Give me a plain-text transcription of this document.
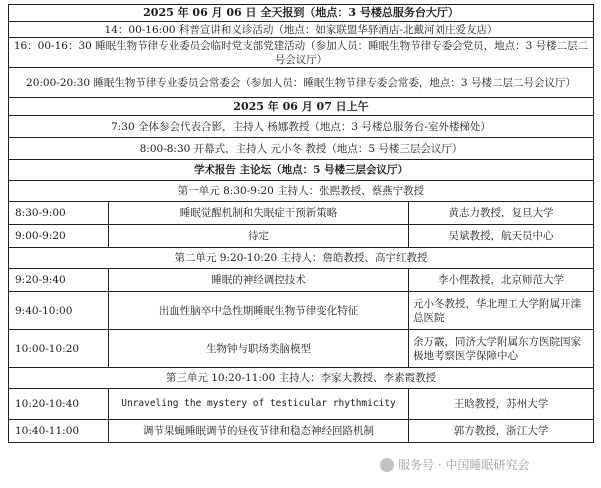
2025 年 06 月 06 日 全天报到（地点：3 号楼总服务台大厅）		
14：00-16:00 科普宣讲和义诊活动（地点：如家联盟华驿酒店-北戴河刘庄爱友店）		
16：00-16：30 睡眠生物节律专业委员会临时党支部党建活动（参加人员：睡眠生物节律专委会党员，地点：3 号楼二层二号会议厅）		
20:00-20:30 睡眠生物节律专业委员会常委会（参加人员：睡眠生物节律专委会常委，地点：3 号楼二层二号会议厅）		
2025 年 06 月 07 日上午		
7:30 全体参会代表合影，主持人 杨娜教授（地点：3 号楼总服务台-室外楼梯处）		
8:00-8:30 开幕式，主持人 元小冬 教授（地点：5 号楼三层会议厅）		
学术报告 主论坛（地点：5 号楼三层会议厅）		
第一单元 8:30-9:20 主持人：张熙教授、蔡燕宁教授		
8:30-9:00	睡眠觉醒机制和失眠症干预新策略	黄志力教授，复旦大学
9:00-9:20	待定	吴斌教授，航天员中心
第二单元 9:20-10:20 主持人：詹皓教授、高宇红教授		
9:20-9:40	睡眠的神经调控技术	李小俚教授，北京师范大学
9:40-10:00	出血性脑卒中急性期睡眠生物节律变化特征	元小冬教授，华北理工大学附属开滦总医院
10:00-10:20	生物钟与职场类脑模型	余万霰，同济大学附属东方医院国家极地考察医学保障中心
第三单元 10:20-11:00 主持人：李家大教授、李素霞教授		
10:20-10:40	Unraveling the mystery of testicular rhythmicity	王晗教授，苏州大学
10:40-11:00	调节果蝇睡眠调节的昼夜节律和稳态神经回路机制	郭方教授，浙江大学
服务号 · 中国睡眠研究会
